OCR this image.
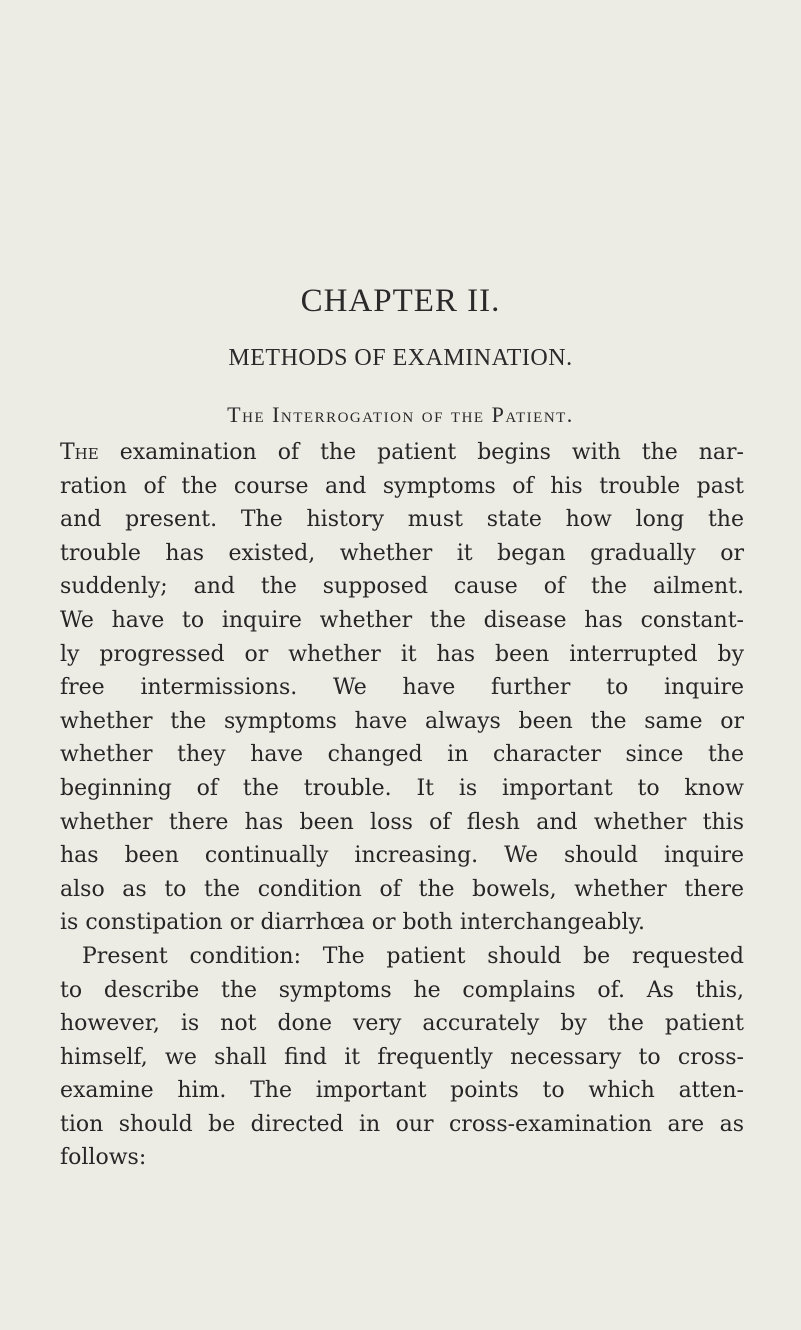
CHAPTER II.
METHODS OF EXAMINATION.
The Interrogation of the Patient.
The examination of the patient begins with the nar-
ration of the course and symptoms of his trouble past
and present. The history must state how long the
trouble has existed, whether it began gradually or
suddenly; and the supposed cause of the ailment.
We have to inquire whether the disease has constant-
ly progressed or whether it has been interrupted by
free intermissions. We have further to inquire
whether the symptoms have always been the same or
whether they have changed in character since the
beginning of the trouble. It is important to know
whether there has been loss of flesh and whether this
has been continually increasing. We should inquire
also as to the condition of the bowels, whether there
is constipation or diarrhœa or both interchangeably.
Present condition: The patient should be requested
to describe the symptoms he complains of. As this,
however, is not done very accurately by the patient
himself, we shall find it frequently necessary to cross-
examine him. The important points to which atten-
tion should be directed in our cross-examination are as
follows:
